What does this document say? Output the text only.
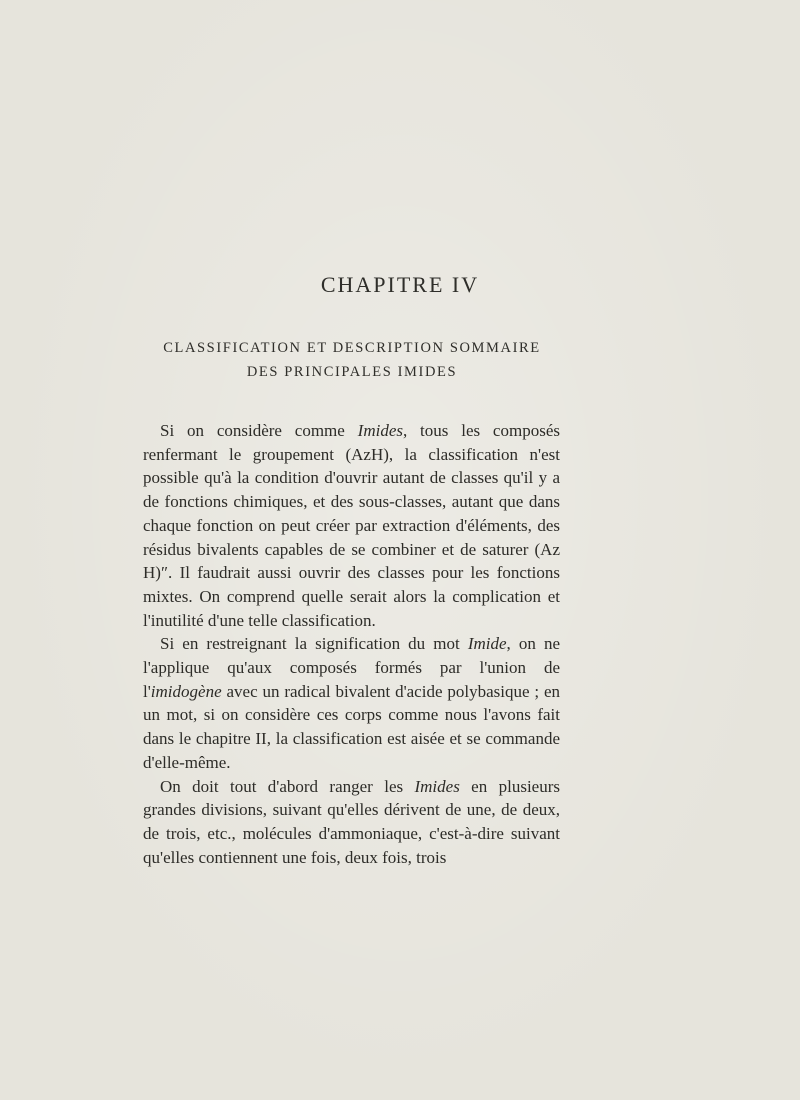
CHAPITRE IV
CLASSIFICATION ET DESCRIPTION SOMMAIRE
DES PRINCIPALES IMIDES

Si on considère comme Imides, tous les composés renfermant le groupement (AzH), la classification n'est possible qu'à la condition d'ouvrir autant de classes qu'il y a de fonctions chimiques, et des sous-classes, autant que dans chaque fonction on peut créer par extraction d'éléments, des résidus bivalents capables de se combiner et de saturer (Az H)″. Il faudrait aussi ouvrir des classes pour les fonctions mixtes. On comprend quelle serait alors la complication et l'inutilité d'une telle classification.

Si en restreignant la signification du mot Imide, on ne l'applique qu'aux composés formés par l'union de l'imidogène avec un radical bivalent d'acide polybasique ; en un mot, si on considère ces corps comme nous l'avons fait dans le chapitre II, la classification est aisée et se commande d'elle-même.

On doit tout d'abord ranger les Imides en plusieurs grandes divisions, suivant qu'elles dérivent de une, de deux, de trois, etc., molécules d'ammoniaque, c'est-à-dire suivant qu'elles contiennent une fois, deux fois, trois
